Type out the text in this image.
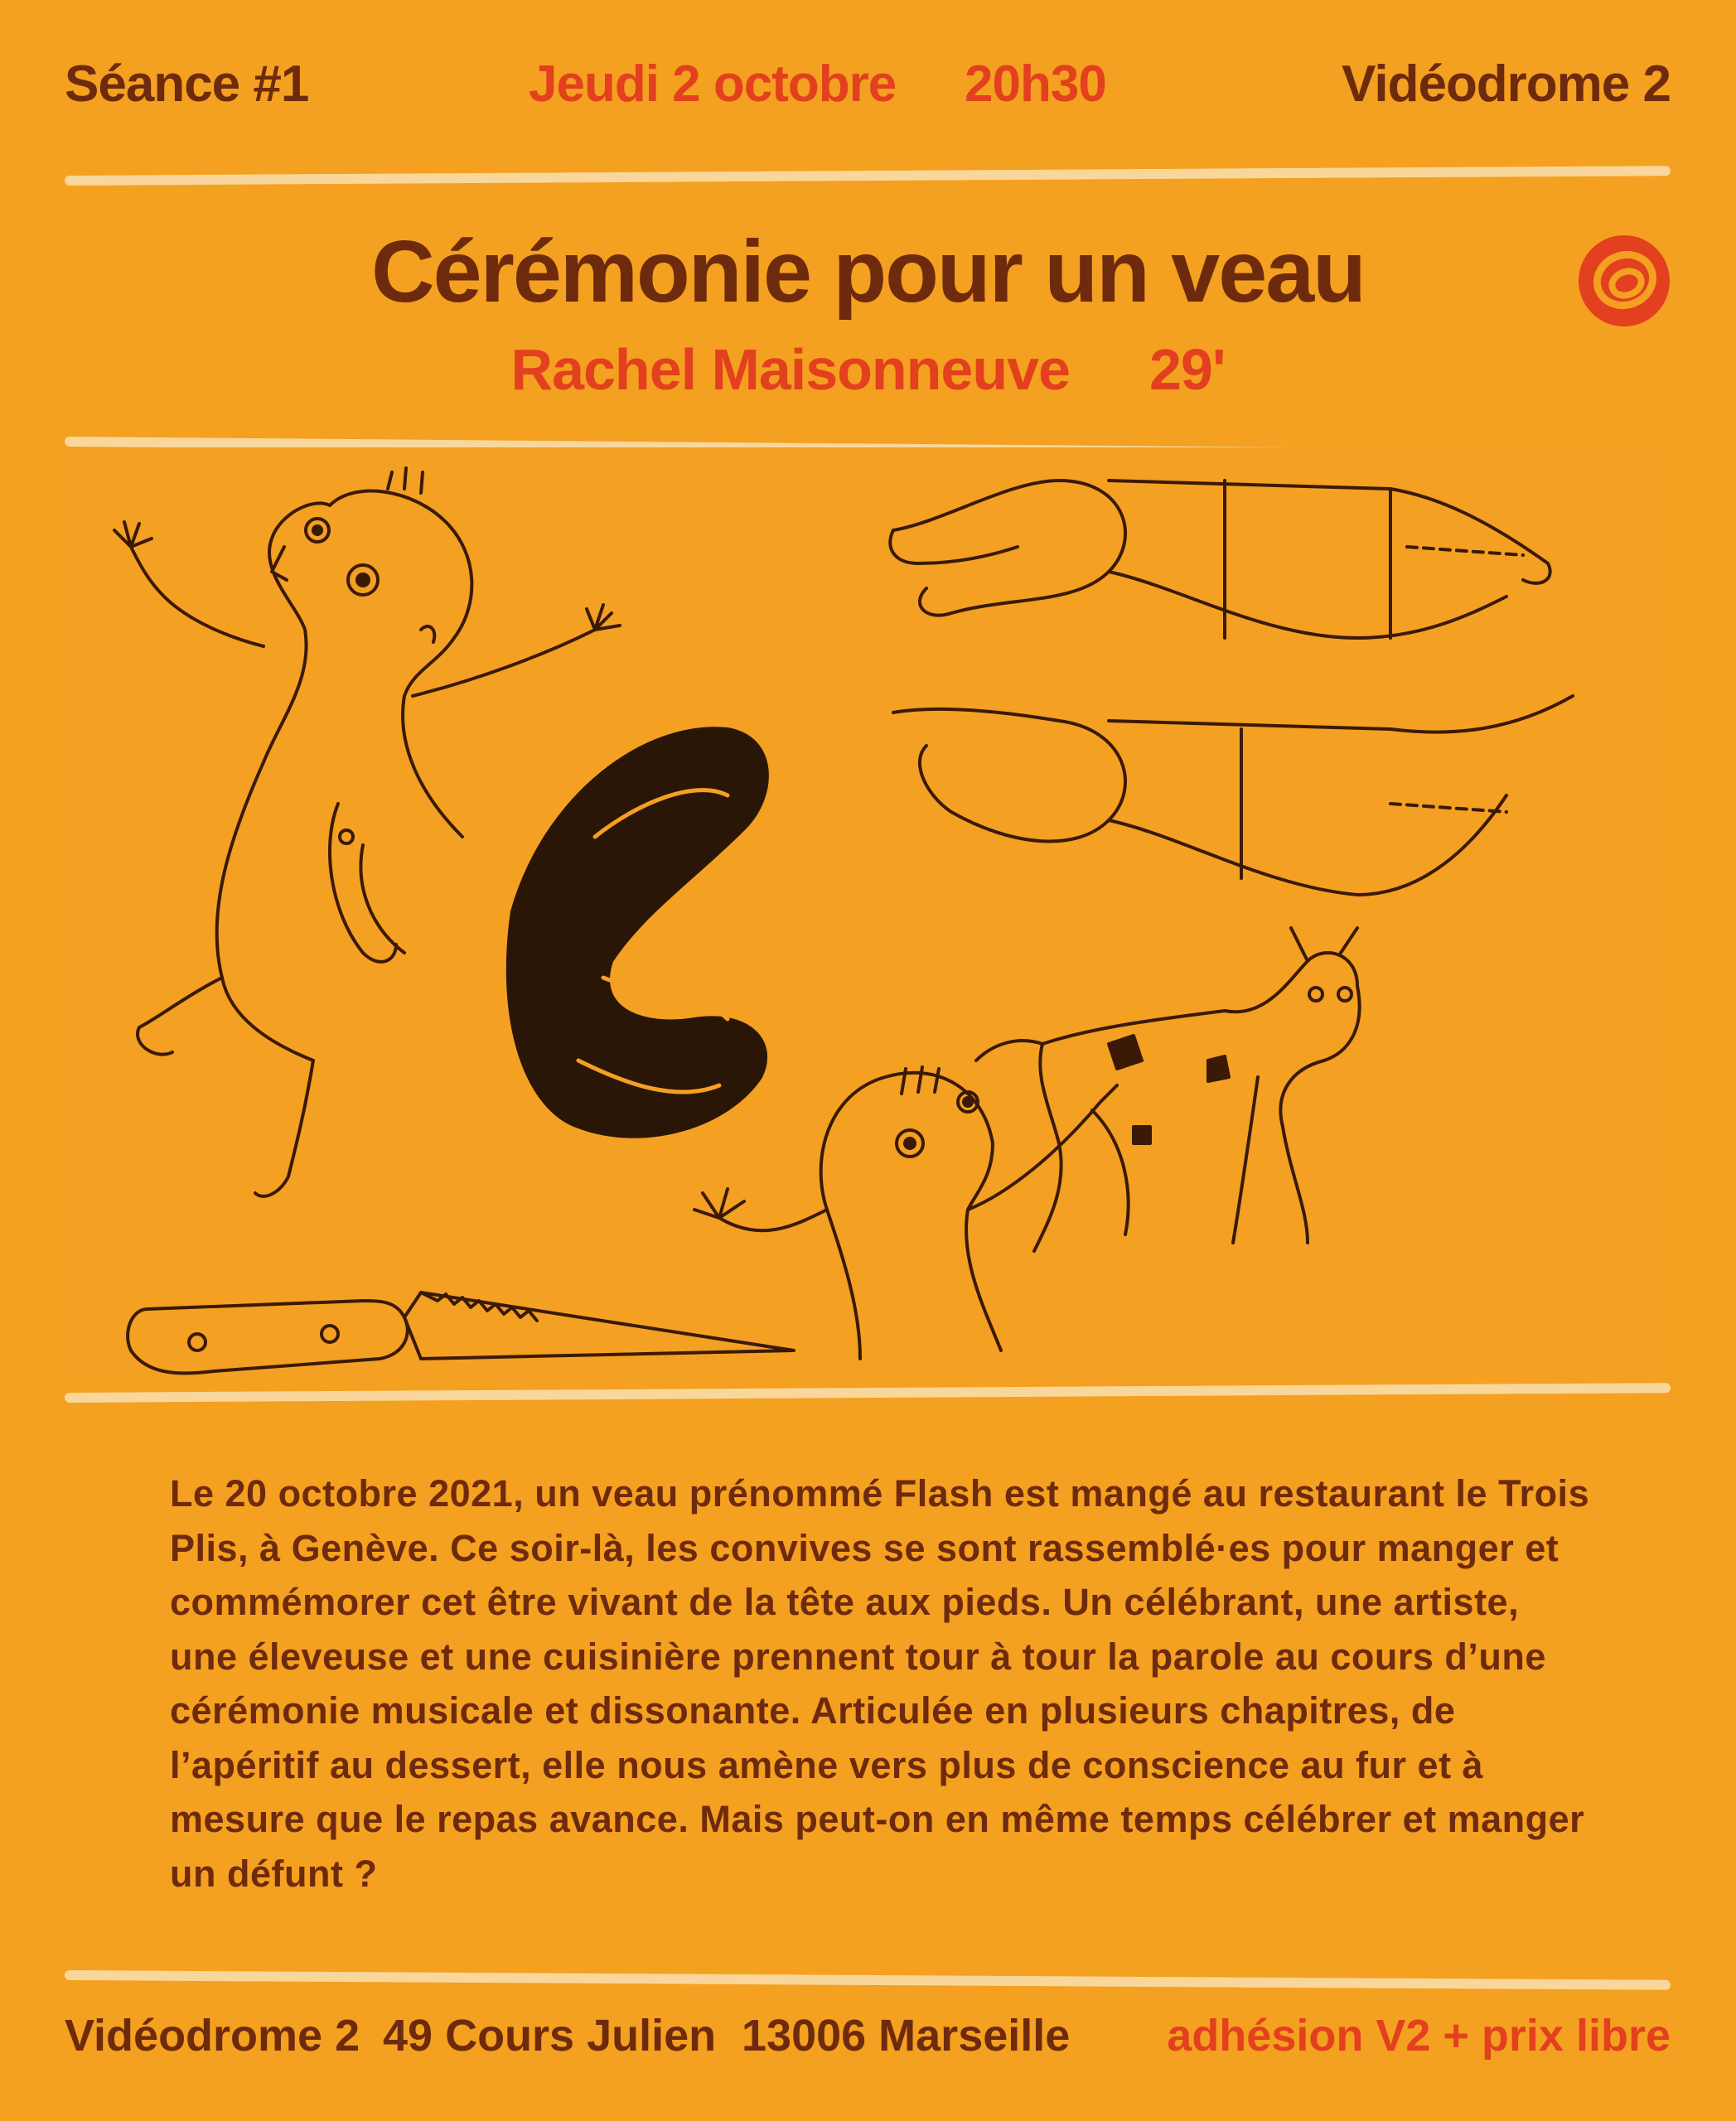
Séance #1	Jeudi 2 octobre 20h30	Vidéodrome 2
Cérémonie pour un veau
Rachel Maisonneuve 29'
Le 20 octobre 2021, un veau prénommé Flash est mangé au restaurant le Trois Plis, à Genève. Ce soir-là, les convives se sont rassemblé·es pour manger et commémorer cet être vivant de la tête aux pieds. Un célébrant, une artiste, une éleveuse et une cuisinière prennent tour à tour la parole au cours d’une cérémonie musicale et dissonante. Articulée en plusieurs chapitres, de l’apéritif au dessert, elle nous amène vers plus de conscience au fur et à mesure que le repas avance. Mais peut-on en même temps célébrer et manger un défunt ?
Vidéodrome 2 49 Cours Julien 13006 Marseille adhésion V2 + prix libre
